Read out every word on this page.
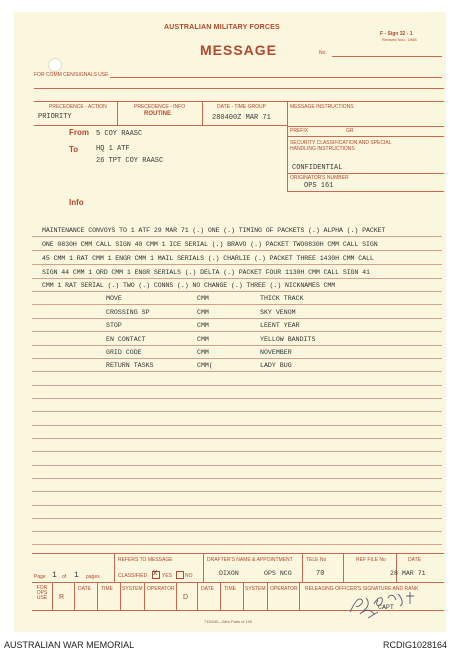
AUSTRALIAN MILITARY FORCES
MESSAGE
F - Sign 32 - 1
Revised Nov., 1968
No.
FOR COMM CEN/SIGNALS USE
PRECEDENCE - ACTION	PRECEDENCE - INFO	DATE - TIME GROUP	MESSAGE INSTRUCTIONS
PRIORITY	ROUTINE	280400Z MAR 71
PREFIX	GR
SECURITY CLASSIFICATION AND SPECIAL HANDLING INSTRUCTIONS
CONFIDENTIAL
ORIGINATOR'S NUMBER
OPS 161
From 5 COY RAASC
To	HQ 1 ATF
26 TPT COY RAASC
Info
MAINTENANCE CONVOYS TO 1 ATF 29 MAR 71 (.) ONE (.) TIMING OF PACKETS (.) ALPHA (.) PACKET
ONE 0830H CMM CALL SIGN 40 CMM 1 ICE SERIAL (.) BRAVO (.) PACKET TWO0830H CMM CALL SIGN
45 CMM 1 RAT CMM 1 ENGR CMM 1 MAIL SERIALS (.) CHARLIE (.) PACKET THREE 1430H CMM CALL
SIGN 44 CMM 1 ORD CMM 1 ENGR SERIALS (.) DELTA (.) PACKET FOUR 1130H CMM CALL SIGN 41
CMM 1 RAT SERIAL (.) TWO (.) CONNS (.) NO CHANGE (.) THREE (.) NICKNAMES CMM
MOVE	CMM	THICK TRACK
CROSSING SP	CMM	SKY VENOM
STOP	CMM	LEENT YEAR
EN CONTACT	CMM	YELLOW BANDITS
GRID CODE	CMM	NOVEMBER
RETURN TASKS	CMM(	LADY BUG
REFERS TO MESSAGE
Page 1 of 1 pages	CLASSIFIED X YES	NO
DRAFTER'S NAME & APPOINTMENT
DIXON	OPS NCO
TELE No
70
REF FILE No	DATE
28 MAR 71
FOR OPS USE R
DATE TIME SYSTEM OPERATOR
D
DATE TIME SYSTEM OPERATOR RELEASING OFFICER'S SIGNATURE AND RANK
CAPT
71D540—28m Pads of 100
AUSTRALIAN WAR MEMORIAL	RCDIG1028164
